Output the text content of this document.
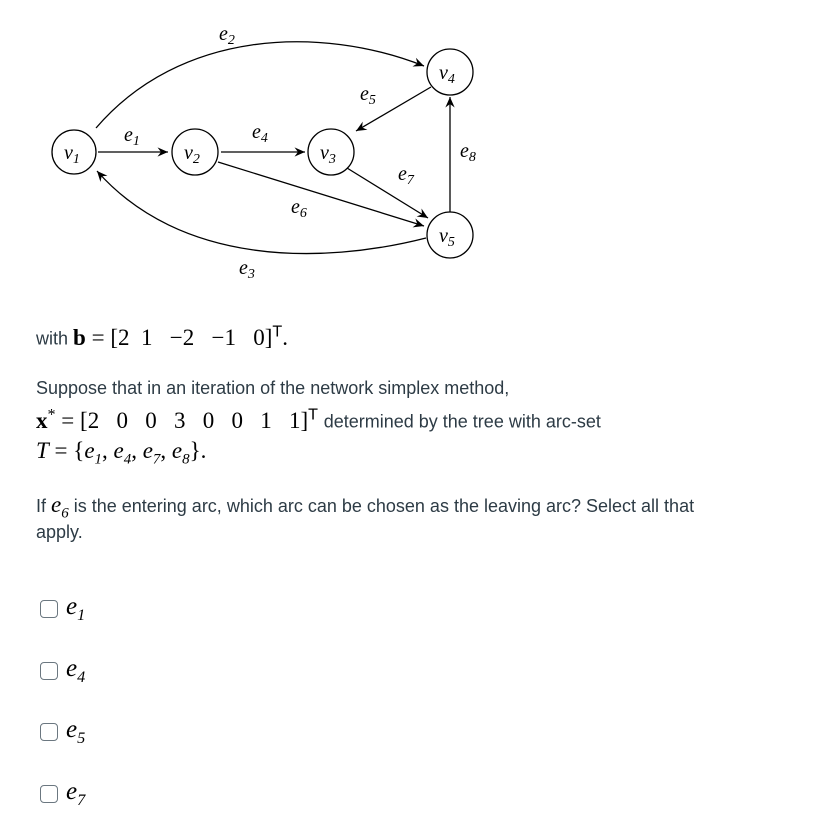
$v_1$	$v_2$	$v_3$
$v_4$
$v_5$
$e_2$
$e_1$	$e_4$
$e_5$
$e_8$
$e_7$
$e_6$
$e_3$
with b = [2 1 −2 −1 0]$^T$.
Suppose that in an iteration of the network simplex method,
x* = [2 0 0 3 0 0 1 1]$^T$ determined by the tree with arc-set
$T = \{e_1$, $e_4$, $e_7$, $e_8$}.
If $e_6$ is the entering arc, which arc can be chosen as the leaving arc? Select all that
apply.
$e_1$
$e_4$
$e_5$
$e_7$
